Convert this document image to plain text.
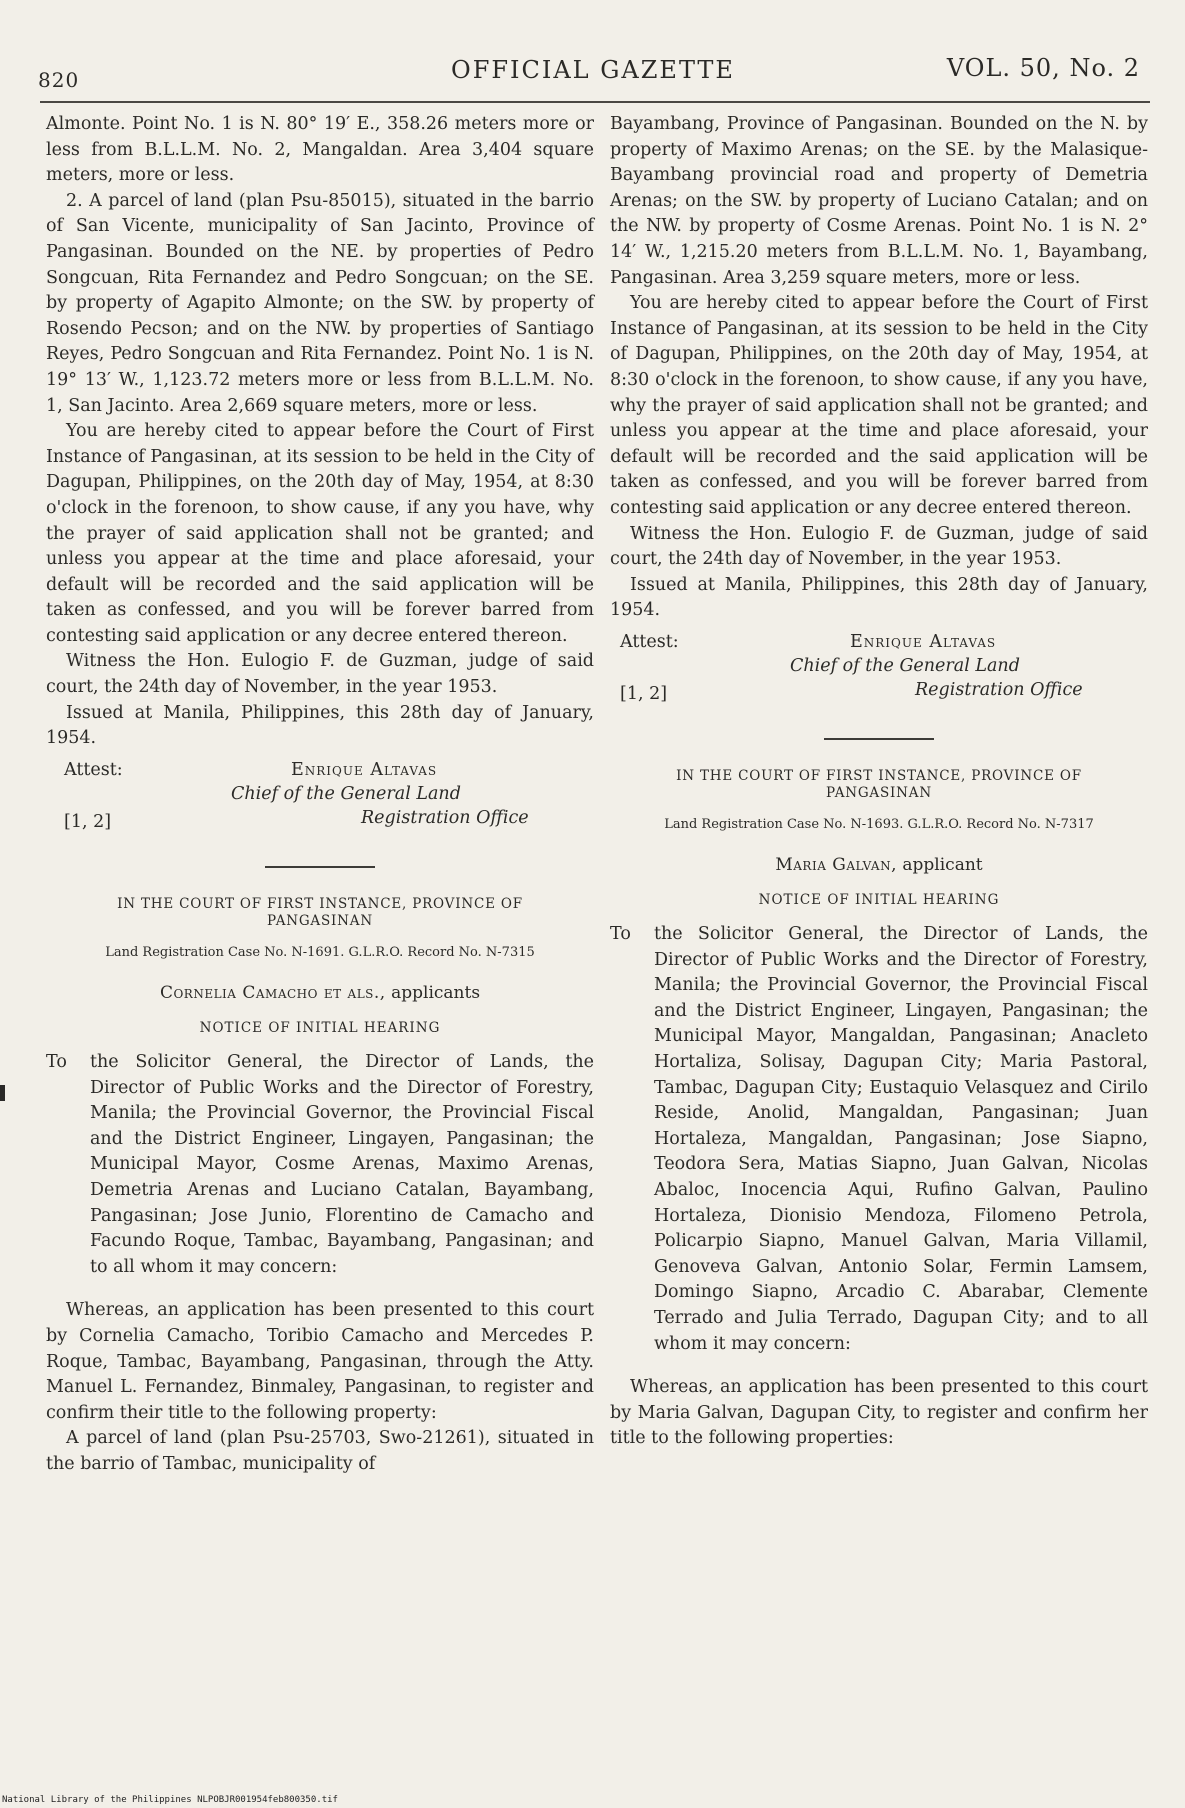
820	OFFICIAL GAZETTE	VOL. 50, No. 2

Almonte. Point No. 1 is N. 80° 19′ E., 358.26 meters more or less from B.L.L.M. No. 2, Mangaldan. Area 3,404 square meters, more or less.

2. A parcel of land (plan Psu-85015), situated in the barrio of San Vicente, municipality of San Jacinto, Province of Pangasinan. Bounded on the NE. by properties of Pedro Songcuan, Rita Fernandez and Pedro Songcuan; on the SE. by property of Agapito Almonte; on the SW. by property of Rosendo Pecson; and on the NW. by properties of Santiago Reyes, Pedro Songcuan and Rita Fernandez. Point No. 1 is N. 19° 13′ W., 1,123.72 meters more or less from B.L.L.M. No. 1, San Jacinto. Area 2,669 square meters, more or less.

You are hereby cited to appear before the Court of First Instance of Pangasinan, at its session to be held in the City of Dagupan, Philippines, on the 20th day of May, 1954, at 8:30 o'clock in the forenoon, to show cause, if any you have, why the prayer of said application shall not be granted; and unless you appear at the time and place aforesaid, your default will be recorded and the said application will be taken as confessed, and you will be forever barred from contesting said application or any decree entered thereon.

Witness the Hon. Eulogio F. de Guzman, judge of said court, the 24th day of November, in the year 1953.

Issued at Manila, Philippines, this 28th day of January, 1954.

Attest:	Enrique Altavas
Chief of the General Land
[1, 2]	Registration Office
IN THE COURT OF FIRST INSTANCE, PROVINCE OF PANGASINAN
Land Registration Case No. N-1691. G.L.R.O. Record No. N-7315
Cornelia Camacho et als., applicants
NOTICE OF INITIAL HEARING
To the Solicitor General, the Director of Lands, the Director of Public Works and the Director of Forestry, Manila; the Provincial Governor, the Provincial Fiscal and the District Engineer, Lingayen, Pangasinan; the Municipal Mayor, Cosme Arenas, Maximo Arenas, Demetria Arenas and Luciano Catalan, Bayambang, Pangasinan; Jose Junio, Florentino de Camacho and Facundo Roque, Tambac, Bayambang, Pangasinan; and to all whom it may concern:

Whereas, an application has been presented to this court by Cornelia Camacho, Toribio Camacho and Mercedes P. Roque, Tambac, Bayambang, Pangasinan, through the Atty. Manuel L. Fernandez, Binmaley, Pangasinan, to register and confirm their title to the following property:

A parcel of land (plan Psu-25703, Swo-21261), situated in the barrio of Tambac, municipality of

Bayambang, Province of Pangasinan. Bounded on the N. by property of Maximo Arenas; on the SE. by the Malasique-Bayambang provincial road and property of Demetria Arenas; on the SW. by property of Luciano Catalan; and on the NW. by property of Cosme Arenas. Point No. 1 is N. 2° 14′ W., 1,215.20 meters from B.L.L.M. No. 1, Bayambang, Pangasinan. Area 3,259 square meters, more or less.

You are hereby cited to appear before the Court of First Instance of Pangasinan, at its session to be held in the City of Dagupan, Philippines, on the 20th day of May, 1954, at 8:30 o'clock in the forenoon, to show cause, if any you have, why the prayer of said application shall not be granted; and unless you appear at the time and place aforesaid, your default will be recorded and the said application will be taken as confessed, and you will be forever barred from contesting said application or any decree entered thereon.

Witness the Hon. Eulogio F. de Guzman, judge of said court, the 24th day of November, in the year 1953.

Issued at Manila, Philippines, this 28th day of January, 1954.

Attest:	Enrique Altavas
Chief of the General Land
[1, 2]	Registration Office
IN THE COURT OF FIRST INSTANCE, PROVINCE OF PANGASINAN
Land Registration Case No. N-1693. G.L.R.O. Record No. N-7317
Maria Galvan, applicant
NOTICE OF INITIAL HEARING
To the Solicitor General, the Director of Lands, the Director of Public Works and the Director of Forestry, Manila; the Provincial Governor, the Provincial Fiscal and the District Engineer, Lingayen, Pangasinan; the Municipal Mayor, Mangaldan, Pangasinan; Anacleto Hortaliza, Solisay, Dagupan City; Maria Pastoral, Tambac, Dagupan City; Eustaquio Velasquez and Cirilo Reside, Anolid, Mangaldan, Pangasinan; Juan Hortaleza, Mangaldan, Pangasinan; Jose Siapno, Teodora Sera, Matias Siapno, Juan Galvan, Nicolas Abaloc, Inocencia Aqui, Rufino Galvan, Paulino Hortaleza, Dionisio Mendoza, Filomeno Petrola, Policarpio Siapno, Manuel Galvan, Maria Villamil, Genoveva Galvan, Antonio Solar, Fermin Lamsem, Domingo Siapno, Arcadio C. Abarabar, Clemente Terrado and Julia Terrado, Dagupan City; and to all whom it may concern:

Whereas, an application has been presented to this court by Maria Galvan, Dagupan City, to register and confirm her title to the following properties:

National Library of the Philippines NLPOBJR001954feb800350.tif
